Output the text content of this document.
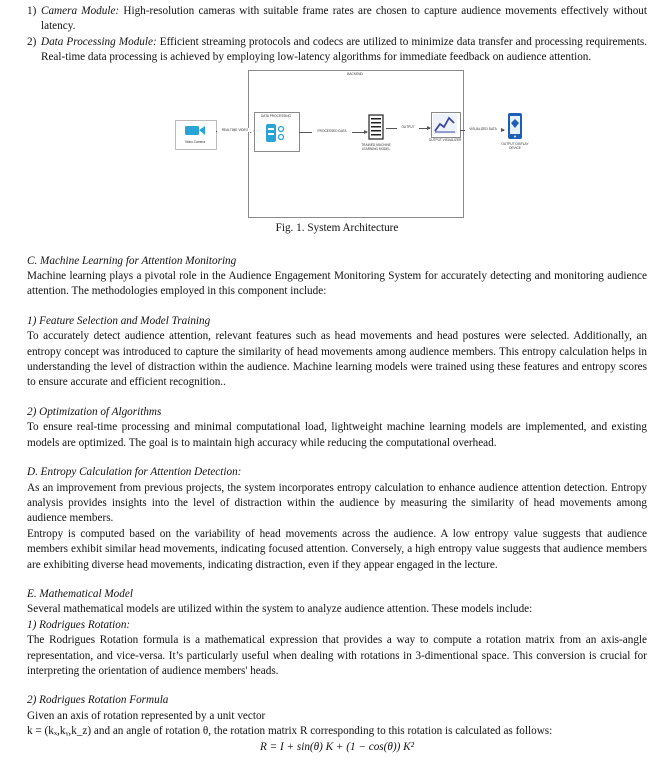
1) Camera Module: High-resolution cameras with suitable frame rates are chosen to capture audience movements effectively without latency.
2) Data Processing Module: Efficient streaming protocols and codecs are utilized to minimize data transfer and processing requirements. Real-time data processing is achieved by employing low-latency algorithms for immediate feedback on audience attention.
BACKEND
Video Camera
REALTIME VIDEO
DATA PROCESSING
PROCESSED DATA
TRAINED MACHINE LEARNING MODEL
OUTPUT
OUTPUT VISUALIZER
VISUALIZED DATA
OUTPUT DISPLAY DEVICE
Fig. 1. System Architecture

C. Machine Learning for Attention Monitoring

Machine learning plays a pivotal role in the Audience Engagement Monitoring System for accurately detecting and monitoring audience attention. The methodologies employed in this component include:

1) Feature Selection and Model Training

To accurately detect audience attention, relevant features such as head movements and head postures were selected. Additionally, an entropy concept was introduced to capture the similarity of head movements among audience members. This entropy calculation helps in understanding the level of distraction within the audience. Machine learning models were trained using these features and entropy scores to ensure accurate and efficient recognition..

2) Optimization of Algorithms

To ensure real-time processing and minimal computational load, lightweight machine learning models are implemented, and existing models are optimized. The goal is to maintain high accuracy while reducing the computational overhead.

D. Entropy Calculation for Attention Detection:

As an improvement from previous projects, the system incorporates entropy calculation to enhance audience attention detection. Entropy analysis provides insights into the level of distraction within the audience by measuring the similarity of head movements among audience members.

Entropy is computed based on the variability of head movements across the audience. A low entropy value suggests that audience members exhibit similar head movements, indicating focused attention. Conversely, a high entropy value suggests that audience members are exhibiting diverse head movements, indicating distraction, even if they appear engaged in the lecture.

E. Mathematical Model

Several mathematical models are utilized within the system to analyze audience attention. These models include:

1) Rodrigues Rotation:

The Rodrigues Rotation formula is a mathematical expression that provides a way to compute a rotation matrix from an axis-angle representation, and vice-versa. It’s particularly useful when dealing with rotations in 3-dimentional space. This conversion is crucial for interpreting the orientation of audience members' heads.

2) Rodrigues Rotation Formula

Given an axis of rotation represented by a unit vector

k = (kₓ,kᵧ,k_z) and an angle of rotation θ, the rotation matrix R corresponding to this rotation is calculated as follows:

R = I + sin(θ) K + (1 − cos(θ)) K²
